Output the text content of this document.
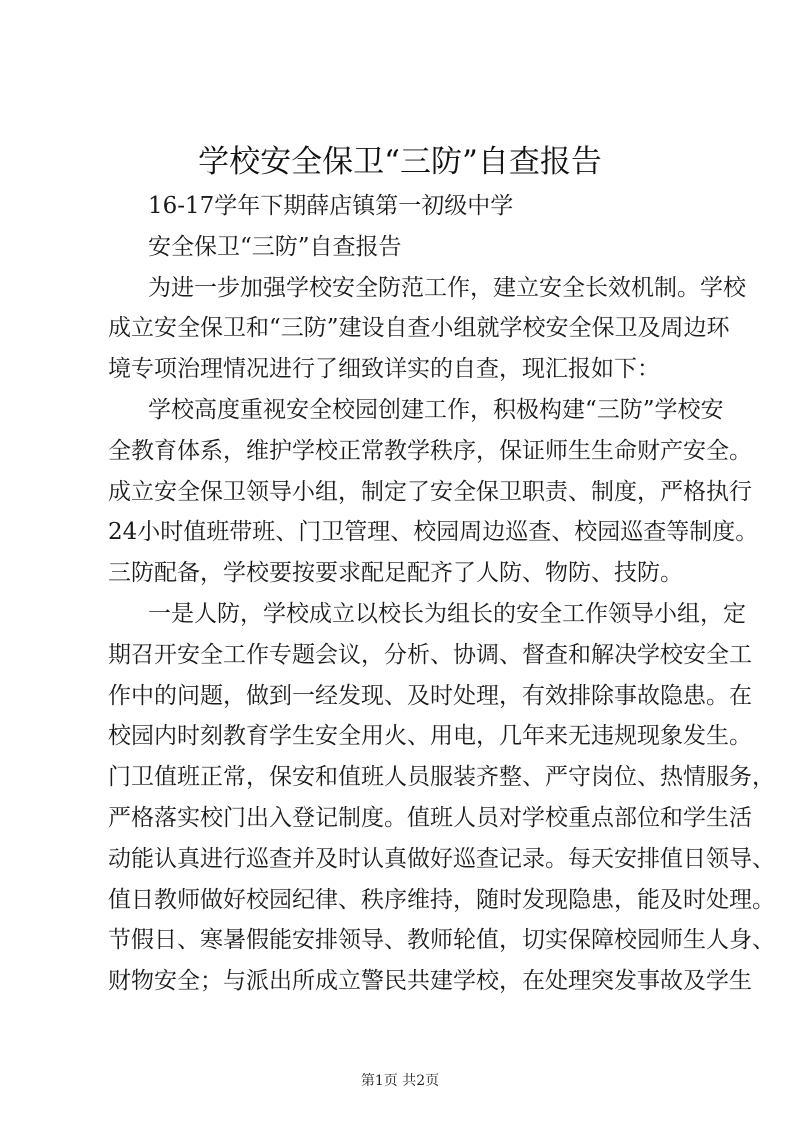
学校安全保卫“三防”自查报告
16-17学年下期薛店镇第一初级中学
安全保卫“三防”自查报告
为进一步加强学校安全防范工作，建立安全长效机制。学校
成立安全保卫和“三防”建设自查小组就学校安全保卫及周边环
境专项治理情况进行了细致详实的自查，现汇报如下：
学校高度重视安全校园创建工作，积极构建“三防”学校安
全教育体系，维护学校正常教学秩序，保证师生生命财产安全。
成立安全保卫领导小组，制定了安全保卫职责、制度，严格执行
24小时值班带班、门卫管理、校园周边巡查、校园巡查等制度。
三防配备，学校要按要求配足配齐了人防、物防、技防。
一是人防，学校成立以校长为组长的安全工作领导小组，定
期召开安全工作专题会议，分析、协调、督查和解决学校安全工
作中的问题，做到一经发现、及时处理，有效排除事故隐患。在
校园内时刻教育学生安全用火、用电，几年来无违规现象发生。
门卫值班正常，保安和值班人员服装齐整、严守岗位、热情服务，
严格落实校门出入登记制度。值班人员对学校重点部位和学生活
动能认真进行巡查并及时认真做好巡查记录。每天安排值日领导、
值日教师做好校园纪律、秩序维持，随时发现隐患，能及时处理。
节假日、寒暑假能安排领导、教师轮值，切实保障校园师生人身、
财物安全；与派出所成立警民共建学校，在处理突发事故及学生
第1页 共2页
